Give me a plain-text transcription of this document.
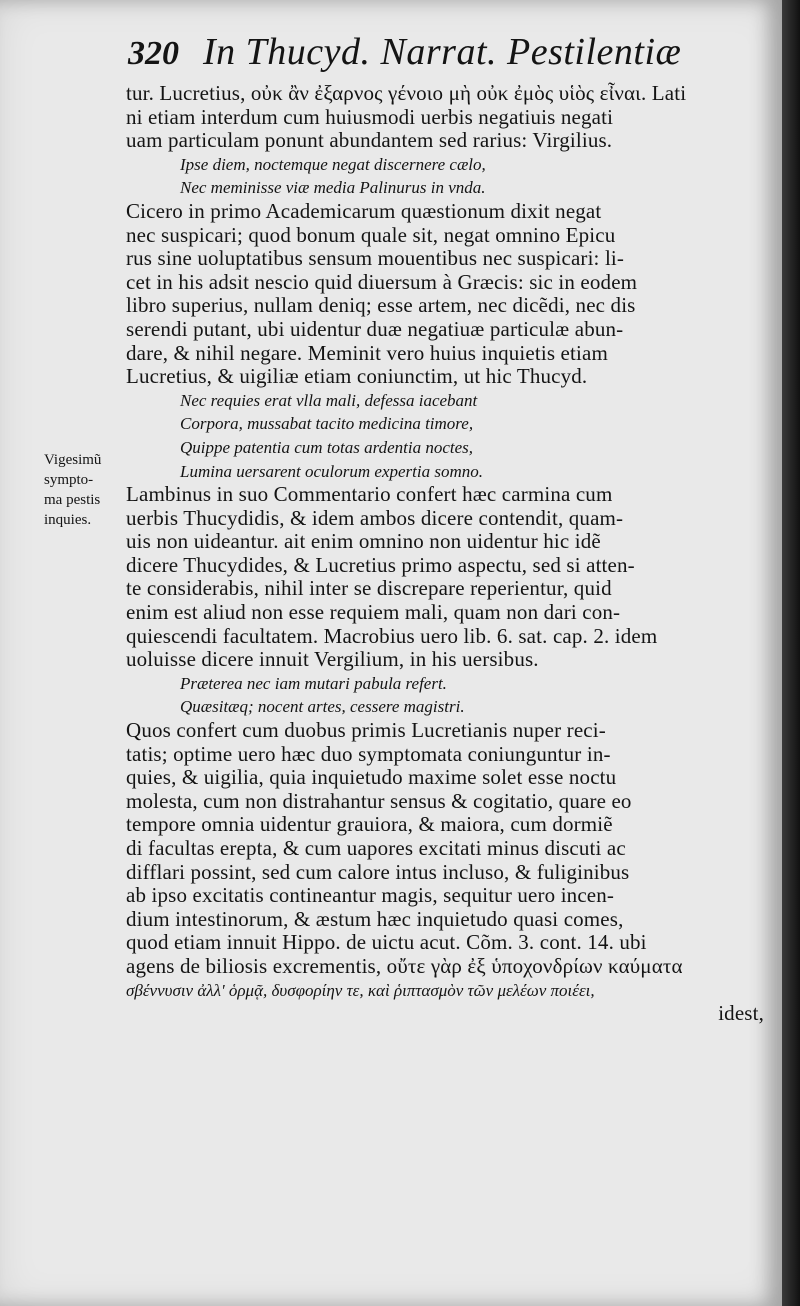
320 In Thucyd. Narrat. Pestilentiæ
Vigesimũ
sympto-
ma pestis
inquies.
tur. Lucretius, οὐκ ἂν ἐξαρνος γένοιο μὴ οὐκ ἐμὸς υἱὸς εἶναι. Lati
ni etiam interdum cum huiusmodi uerbis negatiuis negati
uam particulam ponunt abundantem sed rarius: Virgilius.
Ipse diem, noctemque negat discernere cælo,
Nec meminisse viæ media Palinurus in vnda.
Cicero in primo Academicarum quæstionum dixit negat
nec suspicari; quod bonum quale sit, negat omnino Epicu
rus sine uoluptatibus sensum mouentibus nec suspicari: li-
cet in his adsit nescio quid diuersum à Græcis: sic in eodem
libro superius, nullam deniq; esse artem, nec dicẽdi, nec dis
serendi putant, ubi uidentur duæ negatiuæ particulæ abun-
dare, & nihil negare. Meminit vero huius inquietis etiam
Lucretius, & uigiliæ etiam coniunctim, ut hic Thucyd.
Nec requies erat vlla mali, defessa iacebant
Corpora, mussabat tacito medicina timore,
Quippe patentia cum totas ardentia noctes,
Lumina uersarent oculorum expertia somno.
Lambinus in suo Commentario confert hæc carmina cum
uerbis Thucydidis, & idem ambos dicere contendit, quam-
uis non uideantur. ait enim omnino non uidentur hic idẽ
dicere Thucydides, & Lucretius primo aspectu, sed si atten-
te considerabis, nihil inter se discrepare reperientur, quid
enim est aliud non esse requiem mali, quam non dari con-
quiescendi facultatem. Macrobius uero lib. 6. sat. cap. 2. idem
uoluisse dicere innuit Vergilium, in his uersibus.
Præterea nec iam mutari pabula refert.
Quæsitæq; nocent artes, cessere magistri.
Quos confert cum duobus primis Lucretianis nuper reci-
tatis; optime uero hæc duo symptomata coniunguntur in-
quies, & uigilia, quia inquietudo maxime solet esse noctu
molesta, cum non distrahantur sensus & cogitatio, quare eo
tempore omnia uidentur grauiora, & maiora, cum dormiẽ
di facultas erepta, & cum uapores excitati minus discuti ac
difflari possint, sed cum calore intus incluso, & fuliginibus
ab ipso excitatis contineantur magis, sequitur uero incen-
dium intestinorum, & æstum hæc inquietudo quasi comes,
quod etiam innuit Hippo. de uictu acut. Cõm. 3. cont. 14. ubi
agens de biliosis excrementis, οὔτε γὰρ ἐξ ὑποχονδρίων καύματα
σβέννυσιν ἀλλ' ὁρμᾷ, δυσφορίην τε, καὶ ῥιπτασμὸν τῶν μελέων ποιέει,
idest,
